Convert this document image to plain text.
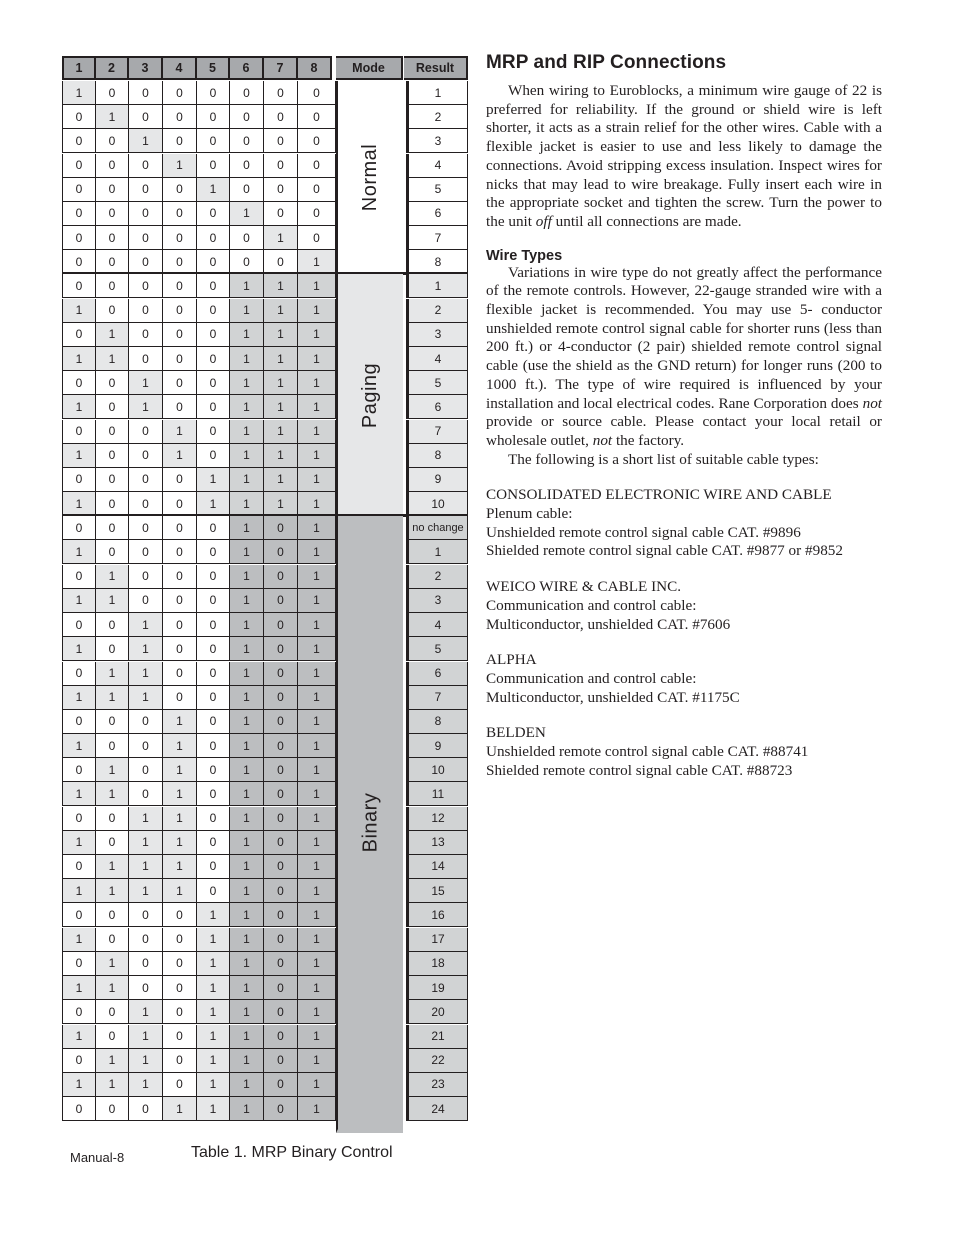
1	2	3	4	5	6	7	8	Mode	Result
1	0	0	0	0	0	0	0	1
0	1	0	0	0	0	0	0	2
0	0	1	0	0	0	0	0	3
0	0	0	1	0	0	0	0	4
0	0	0	0	1	0	0	0	5
0	0	0	0	0	1	0	0	6
0	0	0	0	0	0	1	0	7
0	0	0	0	0	0	0	1	8
Normal
0	0	0	0	0	1	1	1	1
1	0	0	0	0	1	1	1	2
0	1	0	0	0	1	1	1	3
1	1	0	0	0	1	1	1	4
0	0	1	0	0	1	1	1	5
1	0	1	0	0	1	1	1	6
0	0	0	1	0	1	1	1	7
1	0	0	1	0	1	1	1	8
0	0	0	0	1	1	1	1	9
1	0	0	0	1	1	1	1	10
Paging
0	0	0	0	0	1	0	1	no change
1	0	0	0	0	1	0	1	1
0	1	0	0	0	1	0	1	2
1	1	0	0	0	1	0	1	3
0	0	1	0	0	1	0	1	4
1	0	1	0	0	1	0	1	5
0	1	1	0	0	1	0	1	6
1	1	1	0	0	1	0	1	7
0	0	0	1	0	1	0	1	8
1	0	0	1	0	1	0	1	9
0	1	0	1	0	1	0	1	10
1	1	0	1	0	1	0	1	11
0	0	1	1	0	1	0	1	12
1	0	1	1	0	1	0	1	13
0	1	1	1	0	1	0	1	14
1	1	1	1	0	1	0	1	15
0	0	0	0	1	1	0	1	16
1	0	0	0	1	1	0	1	17
0	1	0	0	1	1	0	1	18
1	1	0	0	1	1	0	1	19
0	0	1	0	1	1	0	1	20
1	0	1	0	1	1	0	1	21
0	1	1	0	1	1	0	1	22
1	1	1	0	1	1	0	1	23
0	0	0	1	1	1	0	1	24
Binary
Manual-8	Table 1. MRP Binary Control
MRP and RIP Connections

When wiring to Euroblocks, a minimum wire gauge of 22 is preferred for reliability. If the ground or shield wire is left shorter, it acts as a strain relief for the other wires. Cable with a flexible jacket is easier to use and less likely to damage the connections. Avoid stripping excess insulation. Inspect wires for nicks that may lead to wire breakage. Fully insert each wire in the appropriate socket and tighten the screw. Turn the power to the unit off until all connections are made.

Wire Types

Variations in wire type do not greatly affect the performance of the remote controls. However, 22-gauge stranded wire with a flexible jacket is recommended. You may use 5- conductor unshielded remote control signal cable for shorter runs (less than 200 ft.) or 4-conductor (2 pair) shielded remote control signal cable (use the shield as the GND return) for longer runs (200 to 1000 ft.). The type of wire required is influenced by your installation and local electrical codes. Rane Corporation does not provide or source cable. Please contact your local retail or wholesale outlet, not the factory.

The following is a short list of suitable cable types:

CONSOLIDATED ELECTRONIC WIRE AND CABLE
Plenum cable:
Unshielded remote control signal cable CAT. #9896
Shielded remote control signal cable CAT. #9877 or #9852
WEICO WIRE & CABLE INC.
Communication and control cable:
Multiconductor, unshielded CAT. #7606
ALPHA
Communication and control cable:
Multiconductor, unshielded CAT. #1175C
BELDEN
Unshielded remote control signal cable CAT. #88741
Shielded remote control signal cable CAT. #88723
